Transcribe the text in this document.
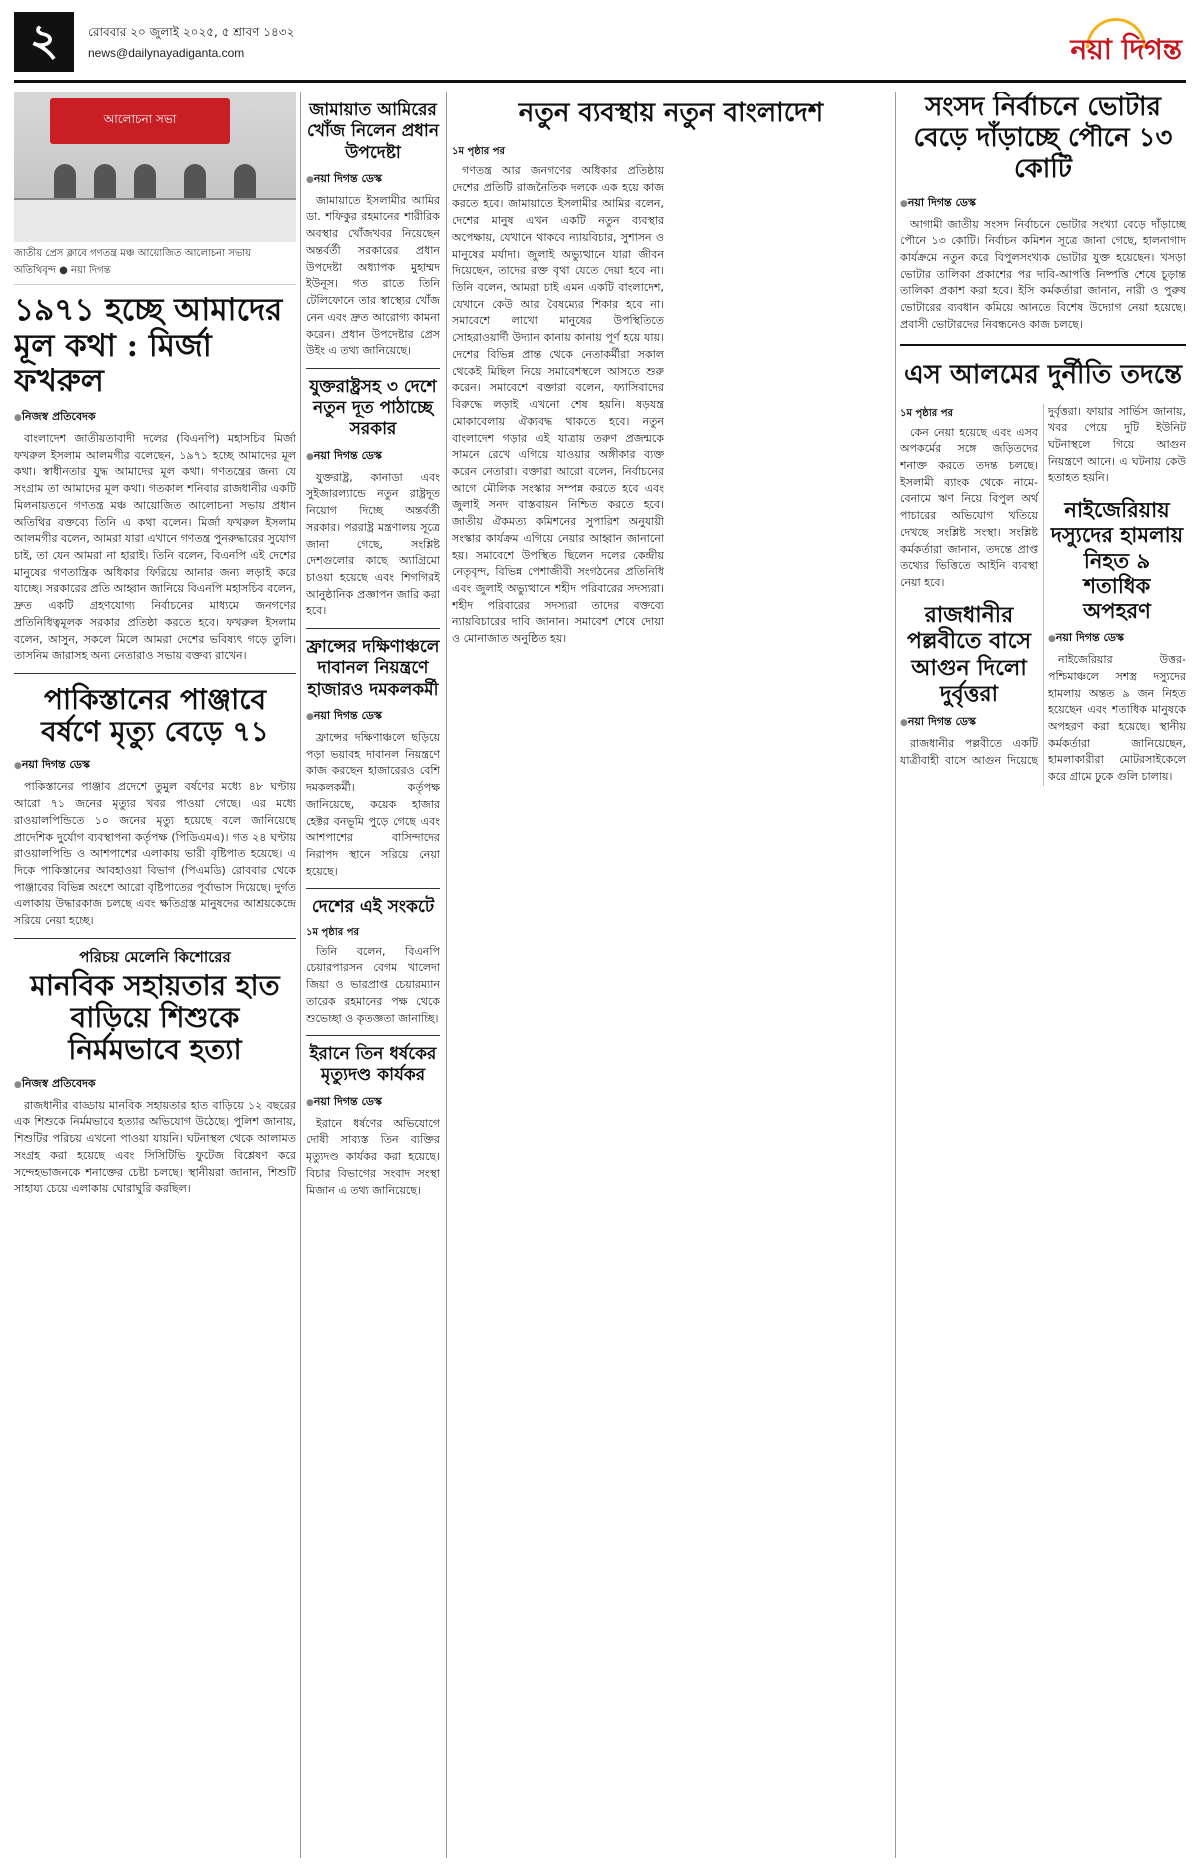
২	রোববার ২০ জুলাই ২০২৫, ৫ শ্রাবণ ১৪৩২
news@dailynayadiganta.com	নয়া দিগন্ত
আলোচনা সভা
জাতীয় প্রেস ক্লাবে গণতন্ত্র মঞ্চ আয়োজিত আলোচনা সভায় অতিথিবৃন্দ ● নয়া দিগন্ত
১৯৭১ হচ্ছে আমাদের মূল কথা : মির্জা ফখরুল
● নিজস্ব প্রতিবেদক

বাংলাদেশ জাতীয়তাবাদী দলের (বিএনপি) মহাসচিব মির্জা ফখরুল ইসলাম আলমগীর বলেছেন, ১৯৭১ হচ্ছে আমাদের মূল কথা। স্বাধীনতার যুদ্ধ আমাদের মূল কথা। গণতন্ত্রের জন্য যে সংগ্রাম তা আমাদের মূল কথা। গতকাল শনিবার রাজধানীর একটি মিলনায়তনে গণতন্ত্র মঞ্চ আয়োজিত আলোচনা সভায় প্রধান অতিথির বক্তব্যে তিনি এ কথা বলেন। মির্জা ফখরুল ইসলাম আলমগীর বলেন, আমরা যারা এখানে গণতন্ত্র পুনরুদ্ধারের সুযোগ চাই, তা যেন আমরা না হারাই। তিনি বলেন, বিএনপি এই দেশের মানুষের গণতান্ত্রিক অধিকার ফিরিয়ে আনার জন্য লড়াই করে যাচ্ছে। সরকারের প্রতি আহ্বান জানিয়ে বিএনপি মহাসচিব বলেন, দ্রুত একটি গ্রহণযোগ্য নির্বাচনের মাধ্যমে জনগণের প্রতিনিধিত্বমূলক সরকার প্রতিষ্ঠা করতে হবে। ফখরুল ইসলাম বলেন, আসুন, সকলে মিলে আমরা দেশের ভবিষ্যৎ গড়ে তুলি। তাসনিম জারাসহ অন্য নেতারাও সভায় বক্তব্য রাখেন।

পাকিস্তানের পাঞ্জাবে বর্ষণে মৃত্যু বেড়ে ৭১
● নয়া দিগন্ত ডেস্ক

পাকিস্তানের পাঞ্জাব প্রদেশে তুমুল বর্ষণের মধ্যে ৪৮ ঘণ্টায় আরো ৭১ জনের মৃত্যুর খবর পাওয়া গেছে। এর মধ্যে রাওয়ালপিন্ডিতে ১০ জনের মৃত্যু হয়েছে বলে জানিয়েছে প্রাদেশিক দুর্যোগ ব্যবস্থাপনা কর্তৃপক্ষ (পিডিএমএ)। গত ২৪ ঘণ্টায় রাওয়ালপিন্ডি ও আশপাশের এলাকায় ভারী বৃষ্টিপাত হয়েছে। এ দিকে পাকিস্তানের আবহাওয়া বিভাগ (পিএমডি) রোববার থেকে পাঞ্জাবের বিভিন্ন অংশে আরো বৃষ্টিপাতের পূর্বাভাস দিয়েছে। দুর্গত এলাকায় উদ্ধারকাজ চলছে এবং ক্ষতিগ্রস্ত মানুষদের আশ্রয়কেন্দ্রে সরিয়ে নেয়া হচ্ছে।

পরিচয় মেলেনি কিশোরের
মানবিক সহায়তার হাত বাড়িয়ে শিশুকে নির্মমভাবে হত্যা
● নিজস্ব প্রতিবেদক

রাজধানীর বাড্ডায় মানবিক সহায়তার হাত বাড়িয়ে ১২ বছরের এক শিশুকে নির্মমভাবে হত্যার অভিযোগ উঠেছে। পুলিশ জানায়, শিশুটির পরিচয় এখনো পাওয়া যায়নি। ঘটনাস্থল থেকে আলামত সংগ্রহ করা হয়েছে এবং সিসিটিভি ফুটেজ বিশ্লেষণ করে সন্দেহভাজনকে শনাক্তের চেষ্টা চলছে। স্থানীয়রা জানান, শিশুটি সাহায্য চেয়ে এলাকায় ঘোরাঘুরি করছিল।

জামায়াত আমিরের খোঁজ নিলেন প্রধান উপদেষ্টা
● নয়া দিগন্ত ডেস্ক

জামায়াতে ইসলামীর আমির ডা. শফিকুর রহমানের শারীরিক অবস্থার খোঁজখবর নিয়েছেন অন্তর্বর্তী সরকারের প্রধান উপদেষ্টা অধ্যাপক মুহাম্মদ ইউনূস। গত রাতে তিনি টেলিফোনে তার স্বাস্থ্যের খোঁজ নেন এবং দ্রুত আরোগ্য কামনা করেন। প্রধান উপদেষ্টার প্রেস উইং এ তথ্য জানিয়েছে।

যুক্তরাষ্ট্রসহ ৩ দেশে নতুন দূত পাঠাচ্ছে সরকার
● নয়া দিগন্ত ডেস্ক

যুক্তরাষ্ট্র, কানাডা এবং সুইজারল্যান্ডে নতুন রাষ্ট্রদূত নিয়োগ দিচ্ছে অন্তর্বর্তী সরকার। পররাষ্ট্র মন্ত্রণালয় সূত্রে জানা গেছে, সংশ্লিষ্ট দেশগুলোর কাছে অ্যাগ্রিমো চাওয়া হয়েছে এবং শিগগিরই আনুষ্ঠানিক প্রজ্ঞাপন জারি করা হবে।

ফ্রান্সের দক্ষিণাঞ্চলে দাবানল নিয়ন্ত্রণে হাজারও দমকলকর্মী
● নয়া দিগন্ত ডেস্ক

ফ্রান্সের দক্ষিণাঞ্চলে ছড়িয়ে পড়া ভয়াবহ দাবানল নিয়ন্ত্রণে কাজ করছেন হাজারেরও বেশি দমকলকর্মী। কর্তৃপক্ষ জানিয়েছে, কয়েক হাজার হেক্টর বনভূমি পুড়ে গেছে এবং আশপাশের বাসিন্দাদের নিরাপদ স্থানে সরিয়ে নেয়া হয়েছে।

দেশের এই সংকটে
১ম পৃষ্ঠার পর

তিনি বলেন, বিএনপি চেয়ারপারসন বেগম খালেদা জিয়া ও ভারপ্রাপ্ত চেয়ারম্যান তারেক রহমানের পক্ষ থেকে শুভেচ্ছা ও কৃতজ্ঞতা জানাচ্ছি।

ইরানে তিন ধর্ষকের মৃত্যুদণ্ড কার্যকর
● নয়া দিগন্ত ডেস্ক

ইরানে ধর্ষণের অভিযোগে দোষী সাব্যস্ত তিন ব্যক্তির মৃত্যুদণ্ড কার্যকর করা হয়েছে। বিচার বিভাগের সংবাদ সংস্থা মিজান এ তথ্য জানিয়েছে।

নতুন ব্যবস্থায় নতুন বাংলাদেশ
১ম পৃষ্ঠার পর

গণতন্ত্র আর জনগণের অধিকার প্রতিষ্ঠায় দেশের প্রতিটি রাজনৈতিক দলকে এক হয়ে কাজ করতে হবে। জামায়াতে ইসলামীর আমির বলেন, দেশের মানুষ এখন একটি নতুন ব্যবস্থার অপেক্ষায়, যেখানে থাকবে ন্যায়বিচার, সুশাসন ও মানুষের মর্যাদা। জুলাই অভ্যুত্থানে যারা জীবন দিয়েছেন, তাদের রক্ত বৃথা যেতে দেয়া হবে না। তিনি বলেন, আমরা চাই এমন একটি বাংলাদেশ, যেখানে কেউ আর বৈষম্যের শিকার হবে না। সমাবেশে লাখো মানুষের উপস্থিতিতে সোহরাওয়ার্দী উদ্যান কানায় কানায় পূর্ণ হয়ে যায়। দেশের বিভিন্ন প্রান্ত থেকে নেতাকর্মীরা সকাল থেকেই মিছিল নিয়ে সমাবেশস্থলে আসতে শুরু করেন। সমাবেশে বক্তারা বলেন, ফ্যাসিবাদের বিরুদ্ধে লড়াই এখনো শেষ হয়নি। ষড়যন্ত্র মোকাবেলায় ঐক্যবদ্ধ থাকতে হবে। নতুন বাংলাদেশ গড়ার এই যাত্রায় তরুণ প্রজন্মকে সামনে রেখে এগিয়ে যাওয়ার অঙ্গীকার ব্যক্ত করেন নেতারা। বক্তারা আরো বলেন, নির্বাচনের আগে মৌলিক সংস্কার সম্পন্ন করতে হবে এবং জুলাই সনদ বাস্তবায়ন নিশ্চিত করতে হবে। জাতীয় ঐকমত্য কমিশনের সুপারিশ অনুযায়ী সংস্কার কার্যক্রম এগিয়ে নেয়ার আহ্বান জানানো হয়। সমাবেশে উপস্থিত ছিলেন দলের কেন্দ্রীয় নেতৃবৃন্দ, বিভিন্ন পেশাজীবী সংগঠনের প্রতিনিধি এবং জুলাই অভ্যুত্থানে শহীদ পরিবারের সদস্যরা। শহীদ পরিবারের সদস্যরা তাদের বক্তব্যে ন্যায়বিচারের দাবি জানান। সমাবেশ শেষে দোয়া ও মোনাজাত অনুষ্ঠিত হয়।

সংসদ নির্বাচনে ভোটার বেড়ে দাঁড়াচ্ছে পৌনে ১৩ কোটি
● নয়া দিগন্ত ডেস্ক

আগামী জাতীয় সংসদ নির্বাচনে ভোটার সংখ্যা বেড়ে দাঁড়াচ্ছে পৌনে ১৩ কোটি। নির্বাচন কমিশন সূত্রে জানা গেছে, হালনাগাদ কার্যক্রমে নতুন করে বিপুলসংখ্যক ভোটার যুক্ত হয়েছেন। খসড়া ভোটার তালিকা প্রকাশের পর দাবি-আপত্তি নিষ্পত্তি শেষে চূড়ান্ত তালিকা প্রকাশ করা হবে। ইসি কর্মকর্তারা জানান, নারী ও পুরুষ ভোটারের ব্যবধান কমিয়ে আনতে বিশেষ উদ্যোগ নেয়া হয়েছে। প্রবাসী ভোটারদের নিবন্ধনেও কাজ চলছে।

এস আলমের দুর্নীতি তদন্তে
১ম পৃষ্ঠার পর

কেন নেয়া হয়েছে এবং এসব অপকর্মের সঙ্গে জড়িতদের শনাক্ত করতে তদন্ত চলছে। ইসলামী ব্যাংক থেকে নামে-বেনামে ঋণ নিয়ে বিপুল অর্থ পাচারের অভিযোগ খতিয়ে দেখছে সংশ্লিষ্ট সংস্থা। সংশ্লিষ্ট কর্মকর্তারা জানান, তদন্তে প্রাপ্ত তথ্যের ভিত্তিতে আইনি ব্যবস্থা নেয়া হবে।

রাজধানীর পল্লবীতে বাসে আগুন দিলো দুর্বৃত্তরা
● নয়া দিগন্ত ডেস্ক

রাজধানীর পল্লবীতে একটি যাত্রীবাহী বাসে আগুন দিয়েছে দুর্বৃত্তরা। ফায়ার সার্ভিস জানায়, খবর পেয়ে দুটি ইউনিট ঘটনাস্থলে গিয়ে আগুন নিয়ন্ত্রণে আনে। এ ঘটনায় কেউ হতাহত হয়নি।

নাইজেরিয়ায় দস্যুদের হামলায় নিহত ৯ শতাধিক অপহরণ
● নয়া দিগন্ত ডেস্ক

নাইজেরিয়ার উত্তর-পশ্চিমাঞ্চলে সশস্ত্র দস্যুদের হামলায় অন্তত ৯ জন নিহত হয়েছেন এবং শতাধিক মানুষকে অপহরণ করা হয়েছে। স্থানীয় কর্মকর্তারা জানিয়েছেন, হামলাকারীরা মোটরসাইকেলে করে গ্রামে ঢুকে গুলি চালায়।
